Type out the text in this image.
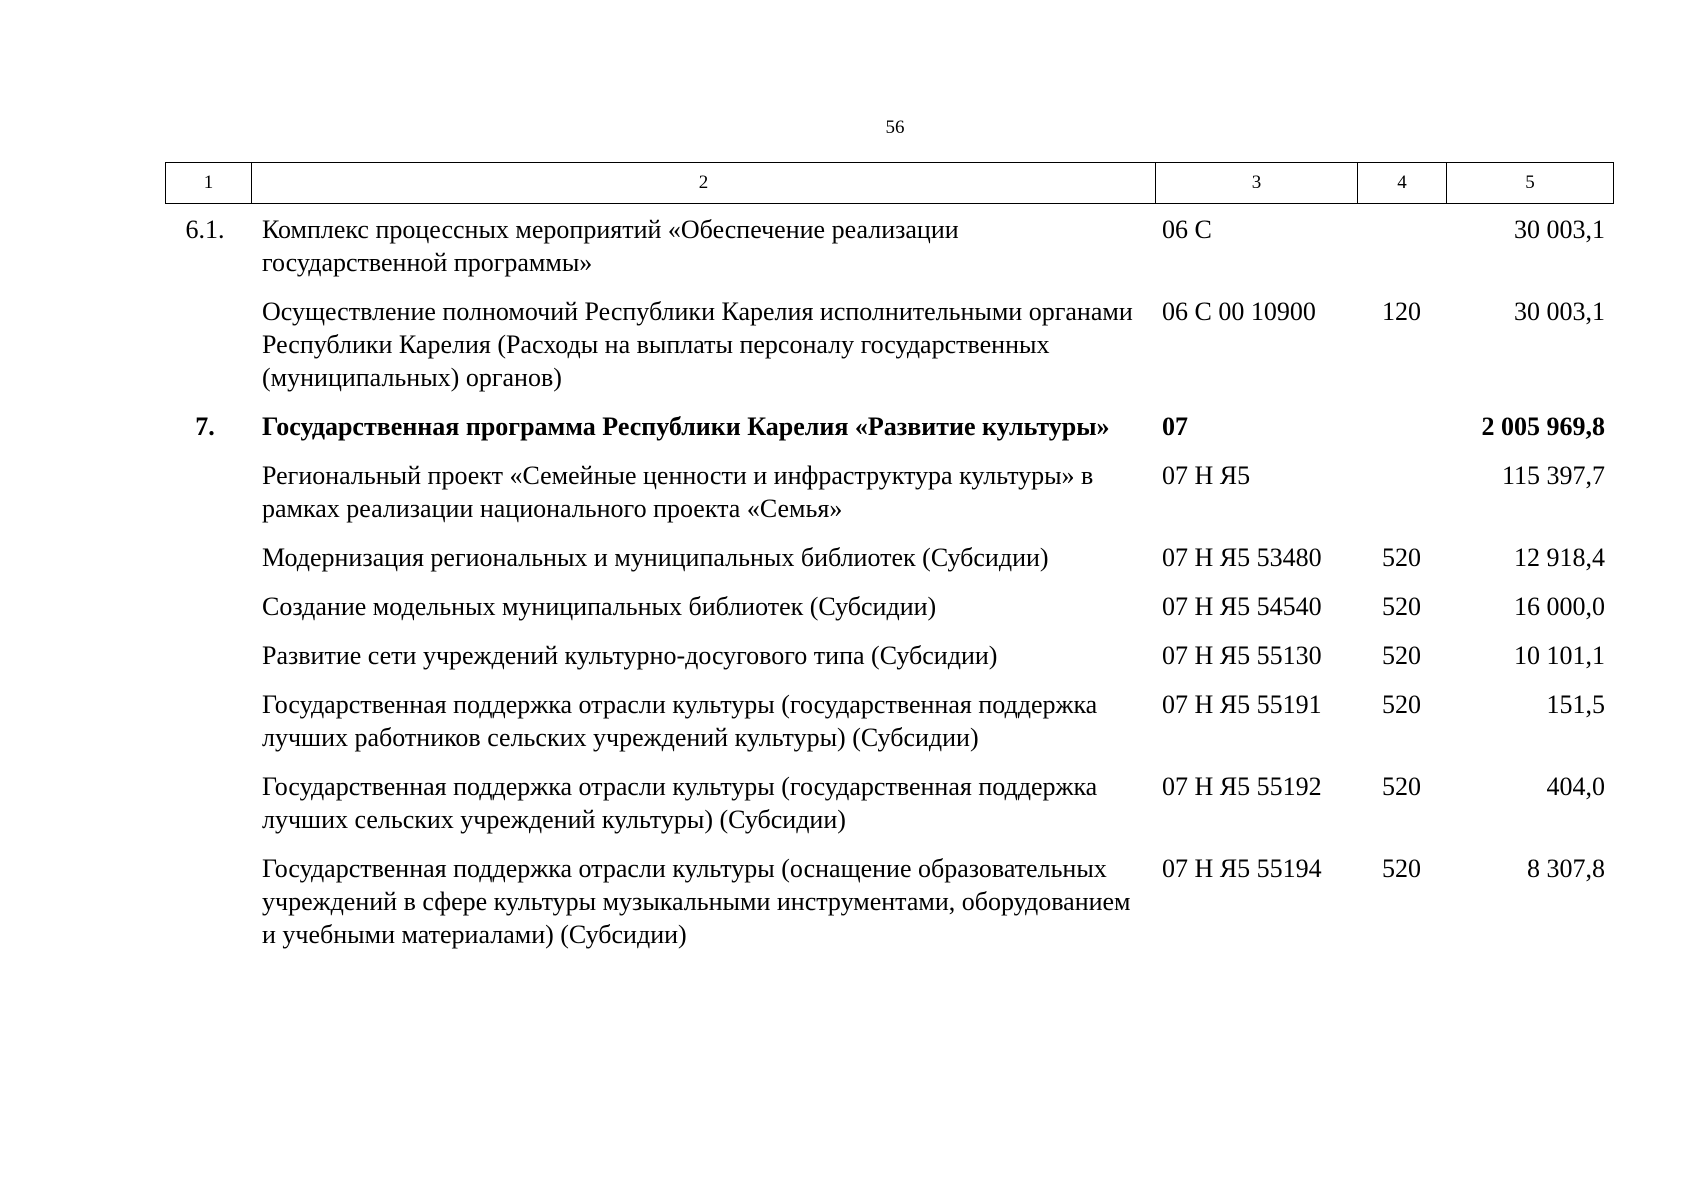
56
1	2	3	4	5
6.1.	Комплекс процессных мероприятий «Обеспечение реализации государственной программы»	06 С		30 003,1
	Осуществление полномочий Республики Карелия исполнительными органами Республики Карелия (Расходы на выплаты персоналу государственных (муниципальных) органов)	06 С 00 10900	120	30 003,1
7.	Государственная программа Республики Карелия «Развитие культуры»	07		2 005 969,8
	Региональный проект «Семейные ценности и инфраструктура культуры» в рамках реализации национального проекта «Семья»	07 Н Я5		115 397,7
	Модернизация региональных и муниципальных библиотек (Субсидии)	07 Н Я5 53480	520	12 918,4
	Создание модельных муниципальных библиотек (Субсидии)	07 Н Я5 54540	520	16 000,0
	Развитие сети учреждений культурно-досугового типа (Субсидии)	07 Н Я5 55130	520	10 101,1
	Государственная поддержка отрасли культуры (государственная поддержка лучших работников сельских учреждений культуры) (Субсидии)	07 Н Я5 55191	520	151,5
	Государственная поддержка отрасли культуры (государственная поддержка лучших сельских учреждений культуры) (Субсидии)	07 Н Я5 55192	520	404,0
	Государственная поддержка отрасли культуры (оснащение образовательных учреждений в сфере культуры музыкальными инструментами, оборудованием и учебными материалами) (Субсидии)	07 Н Я5 55194	520	8 307,8
